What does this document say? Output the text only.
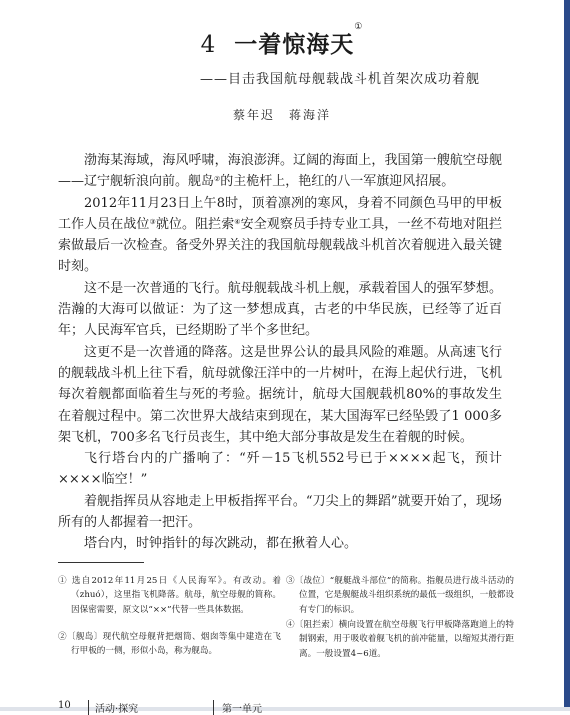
4 一着惊海天①
——目击我国航母舰载战斗机首架次成功着舰
蔡年迟　蒋海洋

渤海某海域，海风呼啸，海浪澎湃。辽阔的海面上，我国第一艘航空母舰——辽宁舰斩浪向前。舰岛②的主桅杆上，艳红的八一军旗迎风招展。

2012年11月23日上午8时，顶着凛冽的寒风，身着不同颜色马甲的甲板工作人员在战位③就位。阻拦索④安全观察员手持专业工具，一丝不苟地对阻拦索做最后一次检查。备受外界关注的我国航母舰载战斗机首次着舰进入最关键时刻。

这不是一次普通的飞行。航母舰载战斗机上舰，承载着国人的强军梦想。浩瀚的大海可以做证：为了这一梦想成真，古老的中华民族，已经等了近百年；人民海军官兵，已经期盼了半个多世纪。

这更不是一次普通的降落。这是世界公认的最具风险的难题。从高速飞行的舰载战斗机上往下看，航母就像汪洋中的一片树叶，在海上起伏行进，飞机每次着舰都面临着生与死的考验。据统计，航母大国舰载机80%的事故发生在着舰过程中。第二次世界大战结束到现在，某大国海军已经坠毁了1 000多架飞机，700多名飞行员丧生，其中绝大部分事故是发生在着舰的时候。

飞行塔台内的广播响了：“歼－15飞机552号已于××××起飞，预计××××临空！”

着舰指挥员从容地走上甲板指挥平台。“刀尖上的舞蹈”就要开始了，现场所有的人都握着一把汗。

塔台内，时钟指针的每次跳动，都在揪着人心。

① 选自2012年11月25日《人民海军》。有改动。着（zhuó），这里指飞机降落。航母，航空母舰的简称。因保密需要，原文以“××”代替一些具体数据。
②〔舰岛〕现代航空母舰背把烟筒、烟囱等集中建造在飞行甲板的一侧，形似小岛，称为舰岛。
③〔战位〕“舰艇战斗部位”的简称。指舰员进行战斗活动的位置，它是舰艇战斗组织系统的最低一级组织，一般都设有专门的标识。
④〔阻拦索〕横向设置在航空母舰飞行甲板降落跑道上的特制钢索，用于吸收着舰飞机的前冲能量，以缩短其滑行距离。一般设置4~6道。
10	活动·探究	第一单元
